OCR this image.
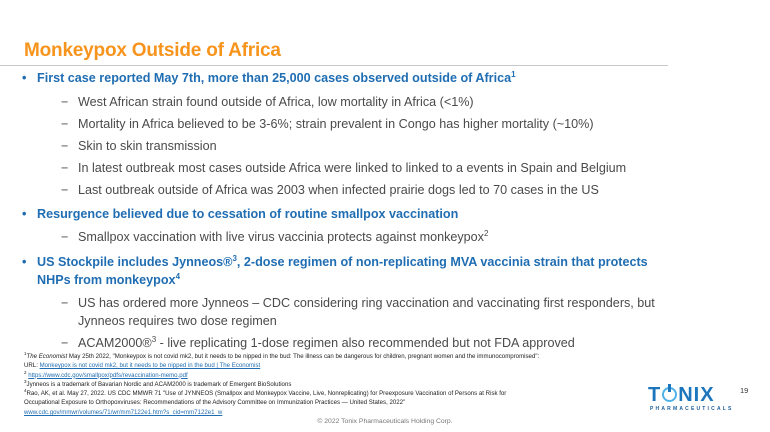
Monkeypox Outside of Africa
• First case reported May 7th, more than 25,000 cases observed outside of Africa$^1$
− West African strain found outside of Africa, low mortality in Africa (<1%)
− Mortality in Africa believed to be 3-6%; strain prevalent in Congo has higher mortality (~10%)
− Skin to skin transmission
− In latest outbreak most cases outside Africa were linked to linked to a events in Spain and Belgium
− Last outbreak outside of Africa was 2003 when infected prairie dogs led to 70 cases in the US
• Resurgence believed due to cessation of routine smallpox vaccination
− Smallpox vaccination with live virus vaccinia protects against monkeypox$^2$
• US Stockpile includes Jynneos®$^3$, 2-dose regimen of non-replicating MVA vaccinia strain that protects
NHPs from monkeypox$^4$
− US has ordered more Jynneos – CDC considering ring vaccination and vaccinating first responders, but
Jynneos requires two dose regimen
− ACAM2000®$^3$ - live replicating 1-dose regimen also recommended but not FDA approved
$^1$The Economist May 25th 2022, "Monkeypox is not covid mk2, but it needs to be nipped in the bud: The illness can be dangerous for children, pregnant women and the immunocompromised":
URL: Monkeypox is not covid mk2, but it needs to be nipped in the bud | The Economist
$^2$ https://www.cdc.gov/smallpox/pdfs/revaccination-memo.pdf
$^3$Jynneos is a trademark of Bavarian Nordic and ACAM2000 is trademark of Emergent BioSolutions
$^4$Rao, AK, et al. May 27, 2022. US CDC MMWR 71 "Use of JYNNEOS (Smallpox and Monkeypox Vaccine, Live, Nonreplicating) for Preexposure Vaccination of Persons at Risk for
Occupational Exposure to Orthopoxviruses: Recommendations of the Advisory Committee on Immunization Practices — United States, 2022"
www.cdc.gov/mmwr/volumes/71/wr/mm7122e1.htm?s_cid=mm7122e1_w
© 2022 Tonix Pharmaceuticals Holding Corp.
T NIX
PHARMACEUTICALS
19
